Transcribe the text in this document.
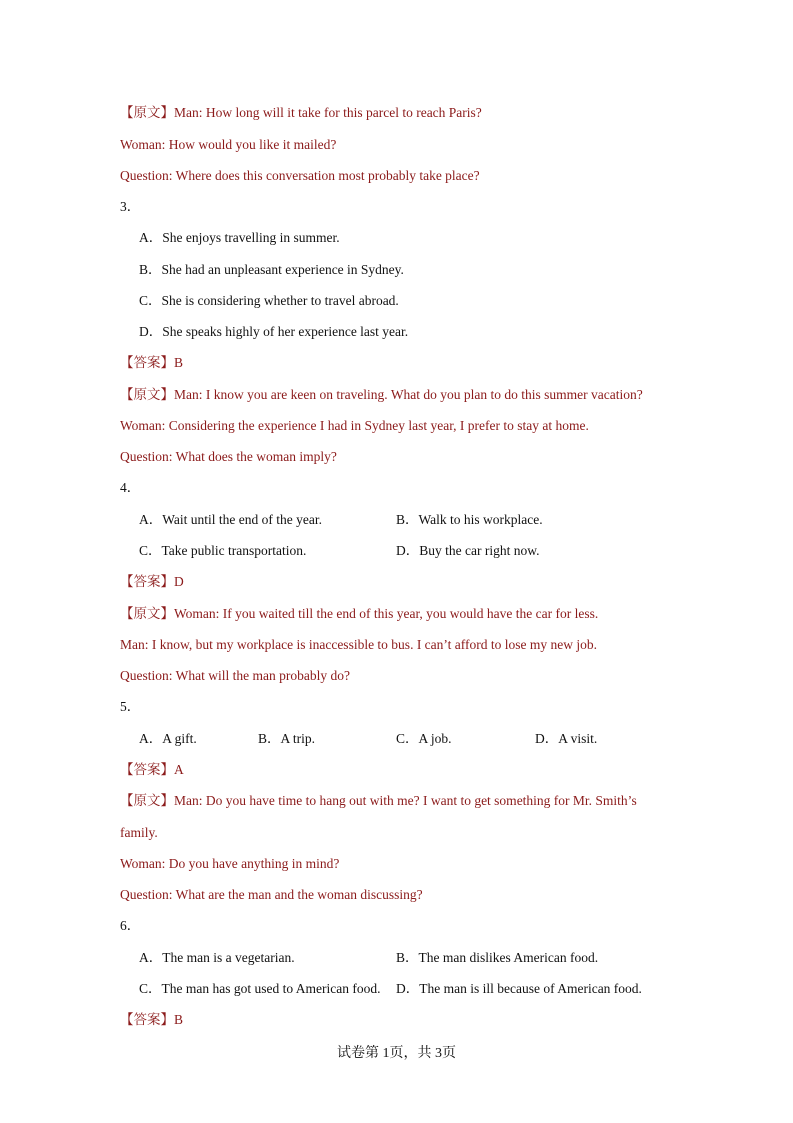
【原文】Man: How long will it take for this parcel to reach Paris?
Woman: How would you like it mailed?
Question: Where does this conversation most probably take place?
3．
A．She enjoys travelling in summer.
B．She had an unpleasant experience in Sydney.
C．She is considering whether to travel abroad.
D．She speaks highly of her experience last year.
【答案】B
【原文】Man: I know you are keen on traveling. What do you plan to do this summer vacation?
Woman: Considering the experience I had in Sydney last year, I prefer to stay at home.
Question: What does the woman imply?
4．
A．Wait until the end of the year.	B．Walk to his workplace.
C．Take public transportation.	D．Buy the car right now.
【答案】D
【原文】Woman: If you waited till the end of this year, you would have the car for less.
Man: I know, but my workplace is inaccessible to bus. I can’t afford to lose my new job.
Question: What will the man probably do?
5．
A．A gift.	B．A trip.	C．A job.	D．A visit.
【答案】A
【原文】Man: Do you have time to hang out with me? I want to get something for Mr. Smith’s
family.
Woman: Do you have anything in mind?
Question: What are the man and the woman discussing?
6．
A．The man is a vegetarian.	B．The man dislikes American food.
C．The man has got used to American food. D．The man is ill because of American food.
【答案】B
试卷第 1页，共 3页
